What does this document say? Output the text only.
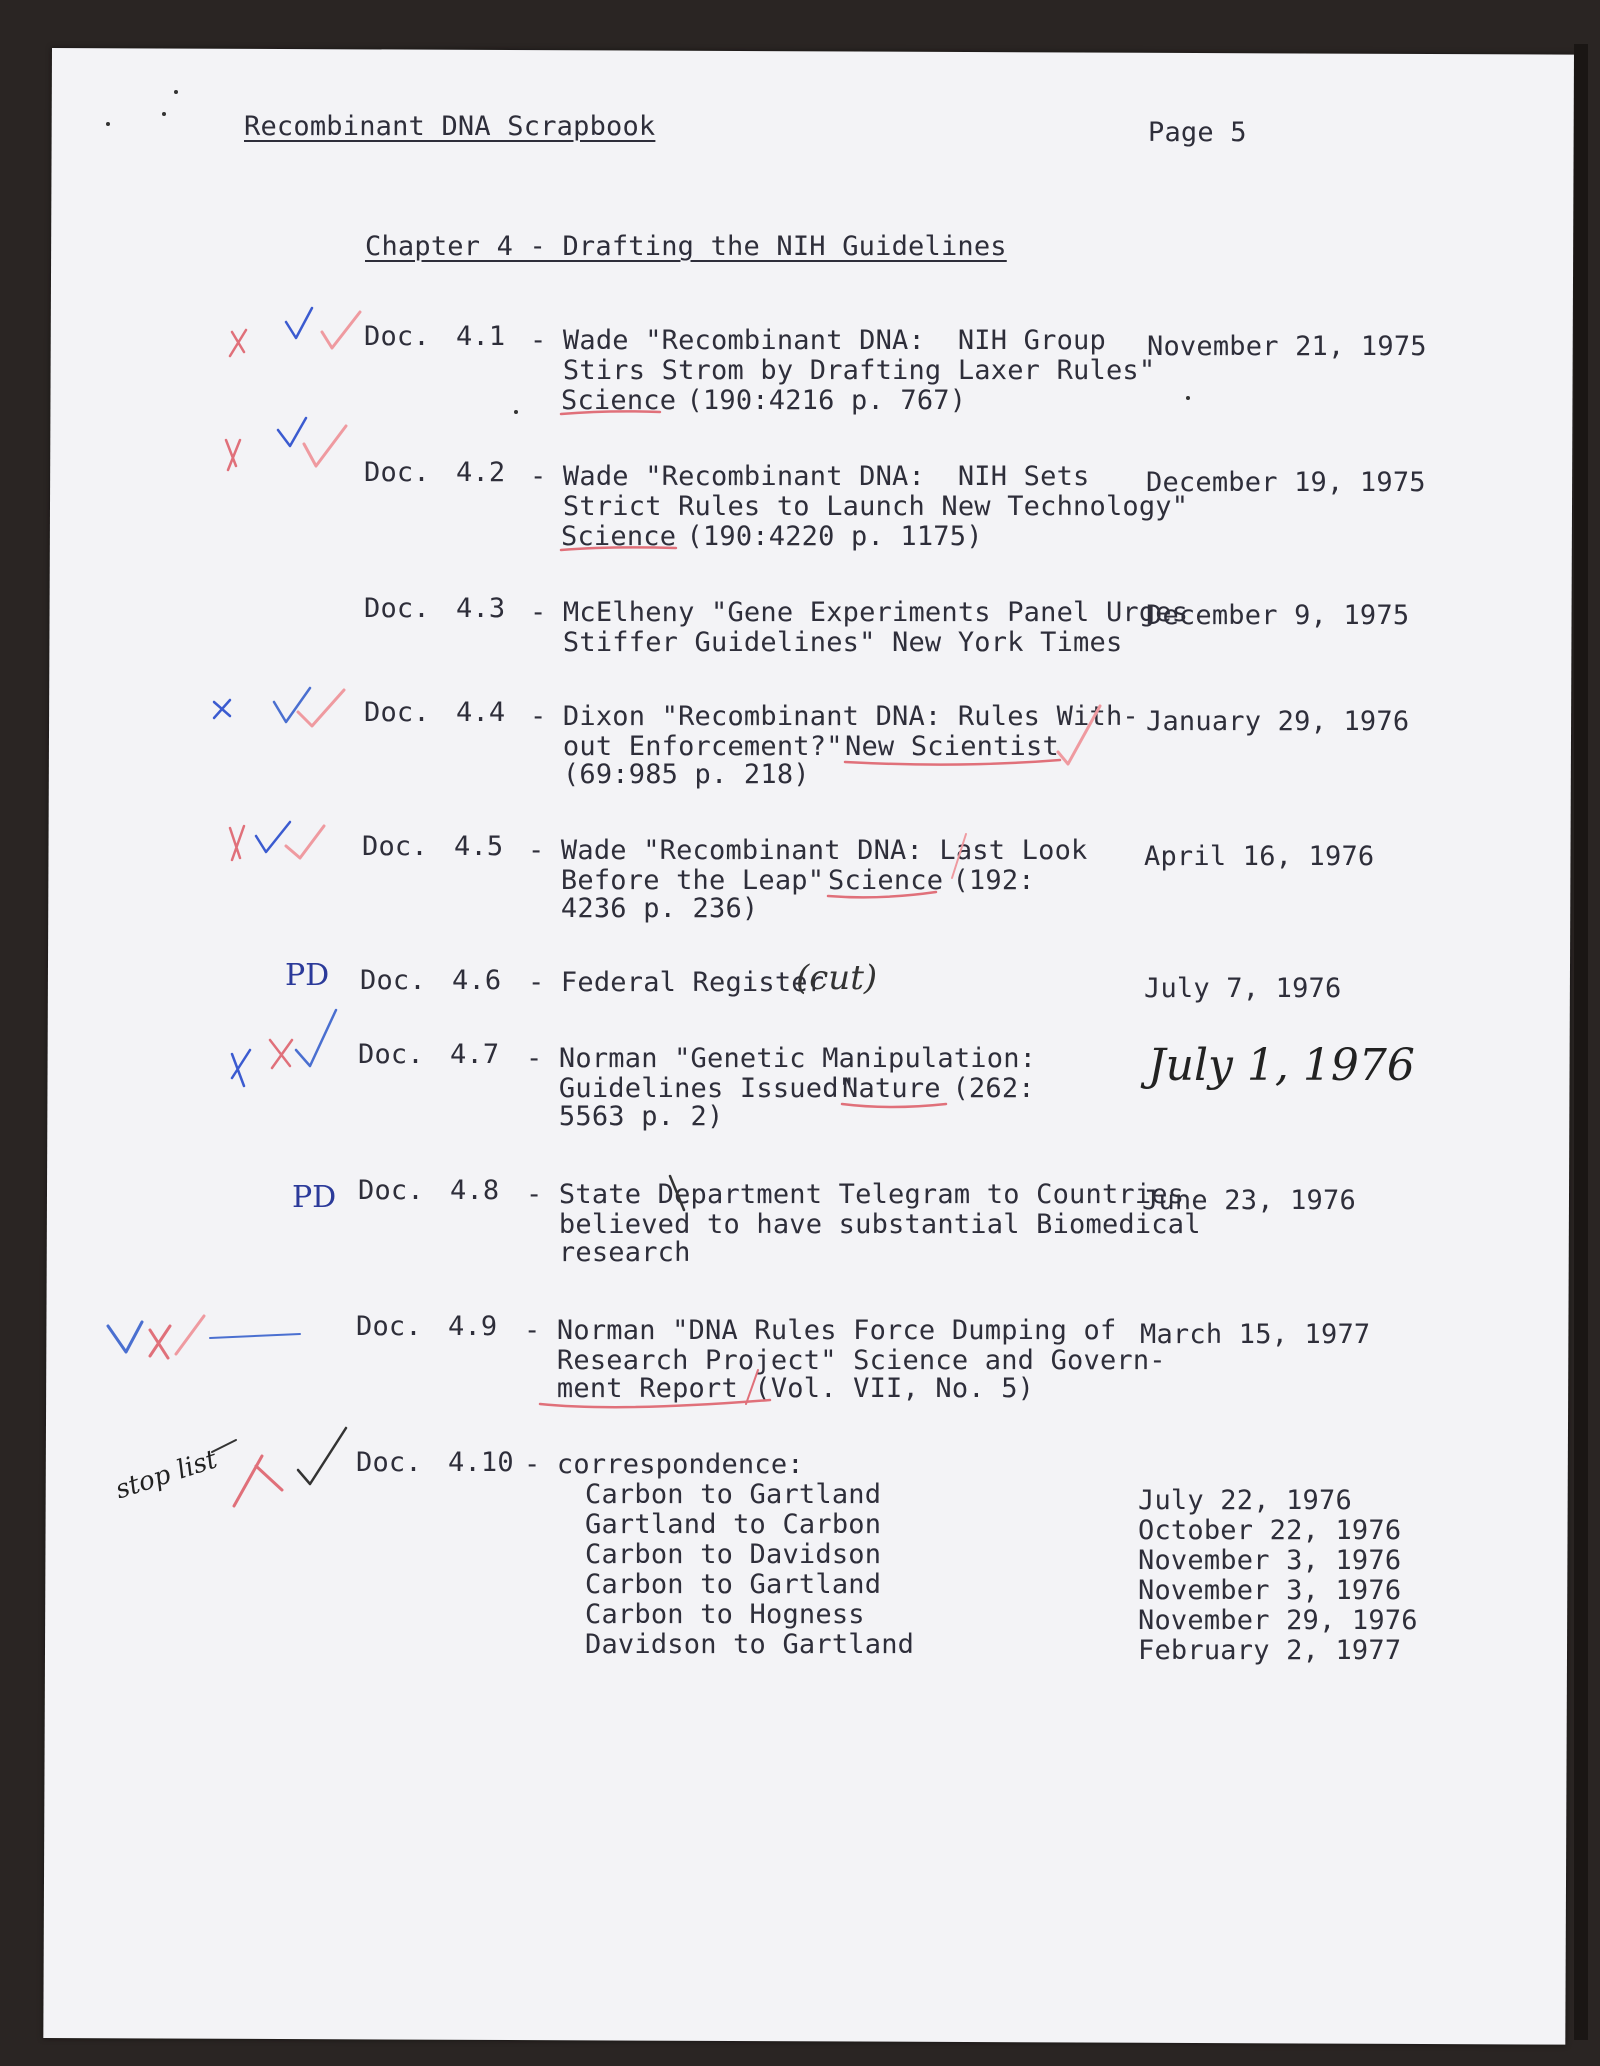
Recombinant DNA Scrapbook	Page 5
Chapter 4 - Drafting the NIH Guidelines
Doc. 4.1 - Wade "Recombinant DNA:  NIH Group
Stirs Strom by Drafting Laxer Rules"
Science
(190:4216 p. 767)
November 21, 1975
Doc. 4.2 - Wade "Recombinant DNA:  NIH Sets
Strict Rules to Launch New Technology"
Science
(190:4220 p. 1175)
December 19, 1975
Doc. 4.3 - McElheny "Gene Experiments Panel Urges
Stiffer Guidelines" New York Times
December 9, 1975
Doc. 4.4 - Dixon "Recombinant DNA: Rules With-
out Enforcement?"
New Scientist
(69:985 p. 218)
January 29, 1976
Doc. 4.5 - Wade "Recombinant DNA: Last Look
Before the Leap"
Science
(192:
4236 p. 236)
April 16, 1976
Doc. 4.6 - Federal Register	July 7, 1976
(cut)
Doc. 4.7 - Norman "Genetic Manipulation:
Guidelines Issued"
Nature
(262:
5563 p. 2)
July 1, 1976
Doc. 4.8 - State Department Telegram to Countries
believed to have substantial Biomedical
research
June 23, 1976
Doc. 4.9 - Norman "DNA Rules Force Dumping of
Research Project" Science and Govern-
ment Report (Vol. VII, No. 5)
March 15, 1977
Doc. 4.10 - correspondence:
Carbon to Gartland	July 22, 1976
Gartland to Carbon	October 22, 1976
Carbon to Davidson	November 3, 1976
Carbon to Gartland	November 3, 1976
Carbon to Hogness	November 29, 1976
Davidson to Gartland	February 2, 1977
PD
PD
stop list
